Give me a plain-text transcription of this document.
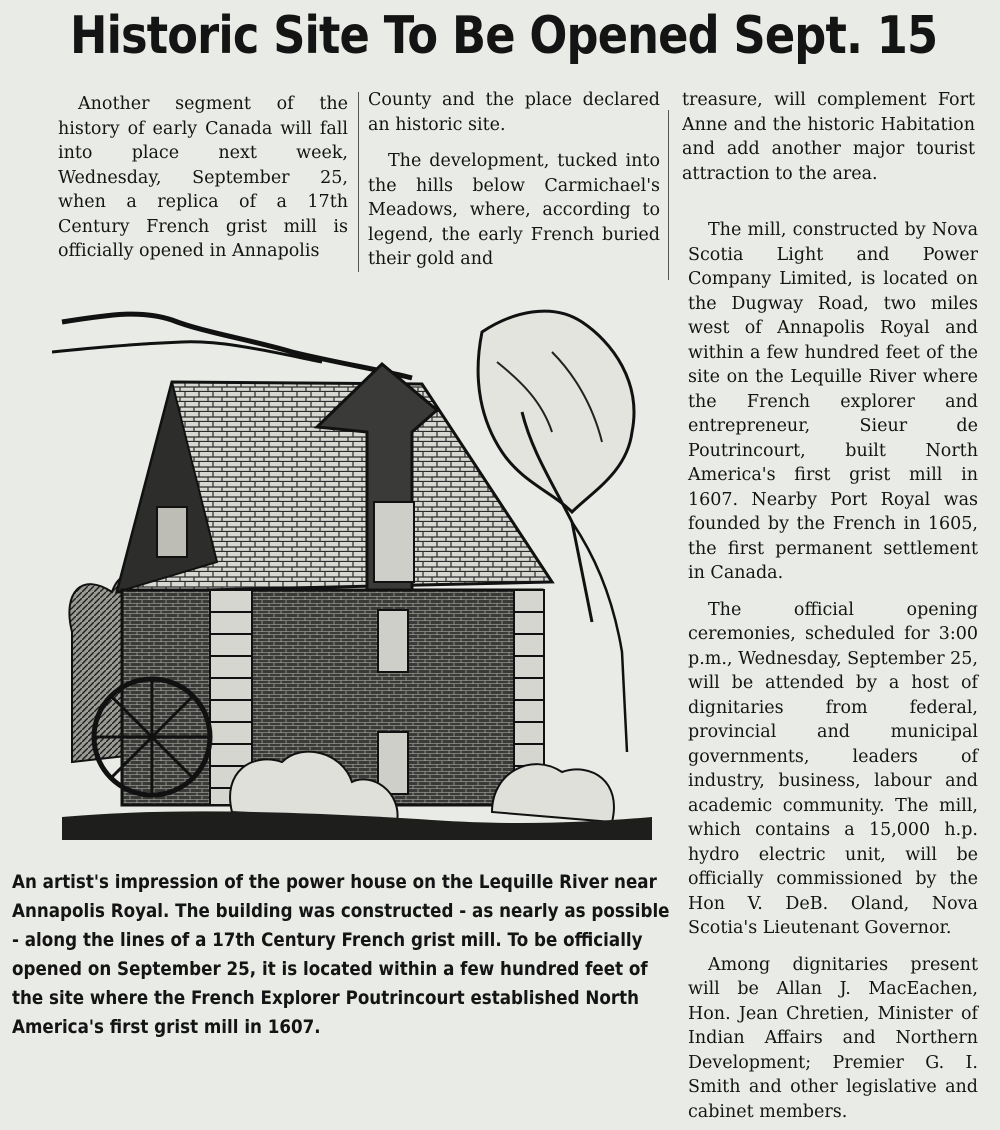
Historic Site To Be Opened Sept. 15

Another segment of the history of early Canada will fall into place next week, Wednesday, September 25, when a replica of a 17th Century French grist mill is officially opened in Annapolis

County and the place declared an historic site.

The development, tucked into the hills below Carmichael's Meadows, where, according to legend, the early French buried their gold and

treasure, will complement Fort Anne and the historic Habitation and add another major tourist attraction to the area.

The mill, constructed by Nova Scotia Light and Power Company Limited, is located on the Dugway Road, two miles west of Annapolis Royal and within a few hundred feet of the site on the Lequille River where the French explorer and entrepreneur, Sieur de Poutrincourt, built North America's first grist mill in 1607. Nearby Port Royal was founded by the French in 1605, the first permanent settlement in Canada.

The official opening ceremonies, scheduled for 3:00 p.m., Wednesday, September 25, will be attended by a host of dignitaries from federal, provincial and municipal governments, leaders of industry, business, labour and academic community. The mill, which contains a 15,000 h.p. hydro electric unit, will be officially commissioned by the Hon V. DeB. Oland, Nova Scotia's Lieutenant Governor.

Among dignitaries present will be Allan J. MacEachen, Hon. Jean Chretien, Minister of Indian Affairs and Northern Development; Premier G. I. Smith and other legislative and cabinet members.

An artist's impression of the power house on the Lequille River near Annapolis Royal. The building was constructed - as nearly as possible - along the lines of a 17th Century French grist mill. To be officially opened on September 25, it is located within a few hundred feet of the site where the French Explorer Poutrincourt established North America's first grist mill in 1607.
